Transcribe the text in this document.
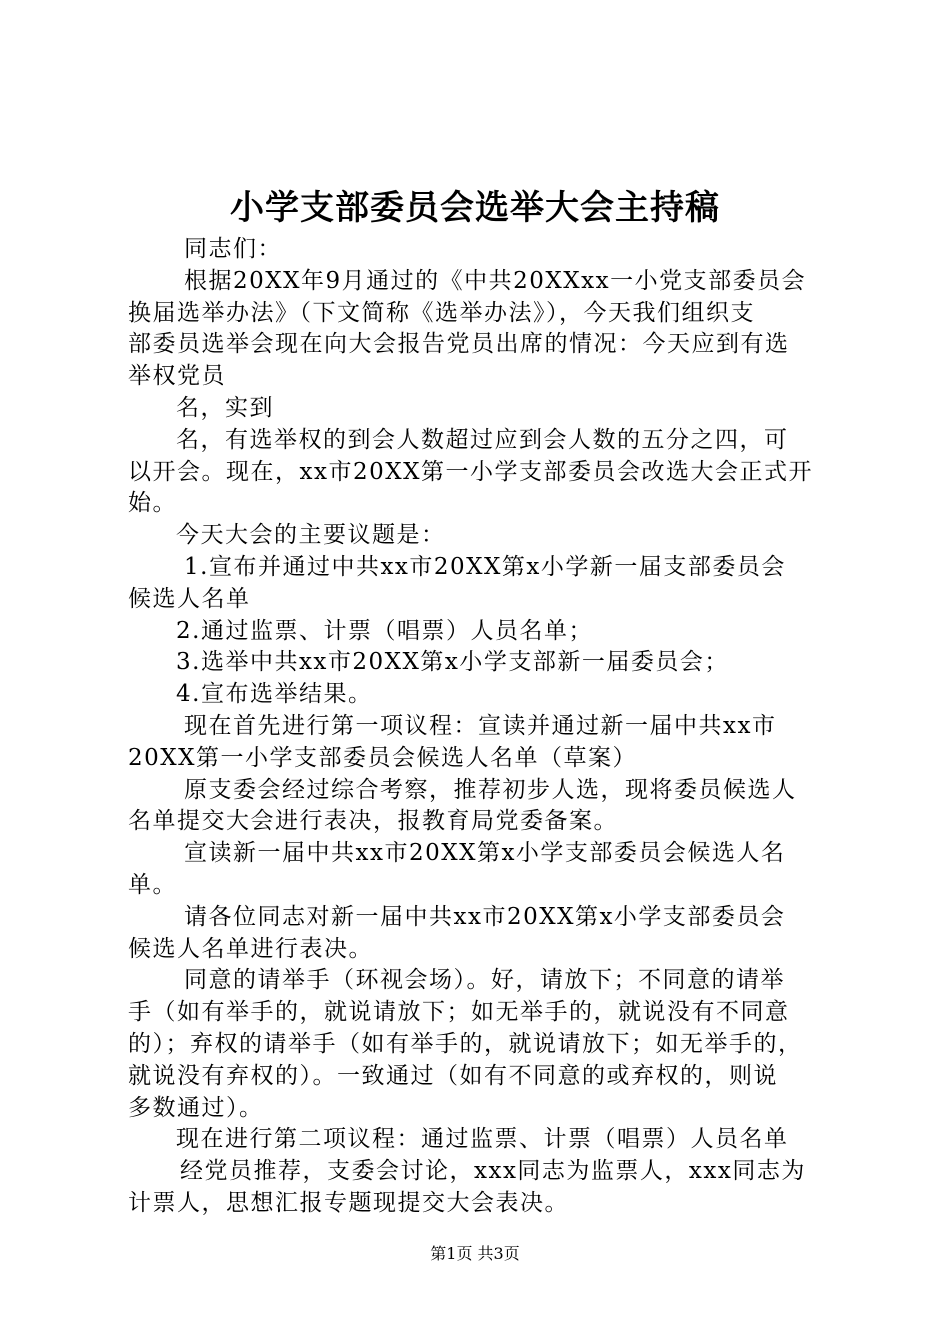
小学支部委员会选举大会主持稿
同志们：
根据20XX年9月通过的《中共20XXxx一小党支部委员会
换届选举办法》（下文简称《选举办法》），今天我们组织支
部委员选举会现在向大会报告党员出席的情况：今天应到有选
举权党员
名，实到
名，有选举权的到会人数超过应到会人数的五分之四，可
以开会。现在，xx市20XX第一小学支部委员会改选大会正式开
始。
今天大会的主要议题是：
1.宣布并通过中共xx市20XX第x小学新一届支部委员会
候选人名单
2.通过监票、计票（唱票）人员名单；
3.选举中共xx市20XX第x小学支部新一届委员会；
4.宣布选举结果。
现在首先进行第一项议程：宣读并通过新一届中共xx市
20XX第一小学支部委员会候选人名单（草案）
原支委会经过综合考察，推荐初步人选，现将委员候选人
名单提交大会进行表决，报教育局党委备案。
宣读新一届中共xx市20XX第x小学支部委员会候选人名
单。
请各位同志对新一届中共xx市20XX第x小学支部委员会
候选人名单进行表决。
同意的请举手（环视会场）。好，请放下；不同意的请举
手（如有举手的，就说请放下；如无举手的，就说没有不同意
的）；弃权的请举手（如有举手的，就说请放下；如无举手的，
就说没有弃权的）。一致通过（如有不同意的或弃权的，则说
多数通过）。
现在进行第二项议程：通过监票、计票（唱票）人员名单
经党员推荐，支委会讨论，xxx同志为监票人，xxx同志为
计票人，思想汇报专题现提交大会表决。
第1页 共3页
